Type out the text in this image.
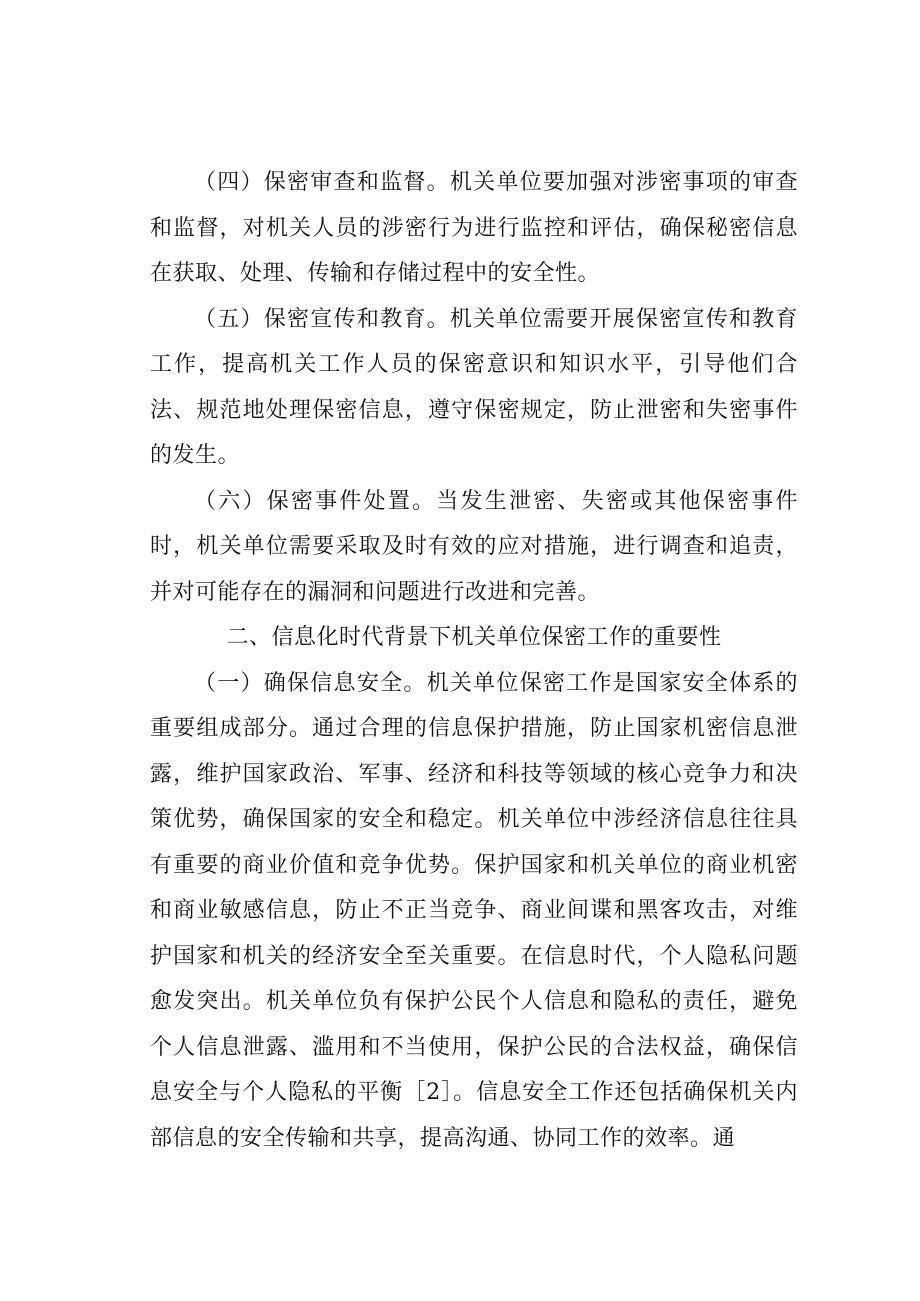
（四）保密审查和监督。机关单位要加强对涉密事项的审查和监督，对机关人员的涉密行为进行监控和评估，确保秘密信息在获取、处理、传输和存储过程中的安全性。

（五）保密宣传和教育。机关单位需要开展保密宣传和教育工作，提高机关工作人员的保密意识和知识水平，引导他们合法、规范地处理保密信息，遵守保密规定，防止泄密和失密事件的发生。

（六）保密事件处置。当发生泄密、失密或其他保密事件时，机关单位需要采取及时有效的应对措施，进行调查和追责，并对可能存在的漏洞和问题进行改进和完善。

二、信息化时代背景下机关单位保密工作的重要性

（一）确保信息安全。机关单位保密工作是国家安全体系的重要组成部分。通过合理的信息保护措施，防止国家机密信息泄露，维护国家政治、军事、经济和科技等领域的核心竞争力和决策优势，确保国家的安全和稳定。机关单位中涉经济信息往往具有重要的商业价值和竞争优势。保护国家和机关单位的商业机密和商业敏感信息，防止不正当竞争、商业间谍和黑客攻击，对维护国家和机关的经济安全至关重要。在信息时代，个人隐私问题愈发突出。机关单位负有保护公民个人信息和隐私的责任，避免个人信息泄露、滥用和不当使用，保护公民的合法权益，确保信息安全与个人隐私的平衡［2］。信息安全工作还包括确保机关内部信息的安全传输和共享，提高沟通、协同工作的效率。通
